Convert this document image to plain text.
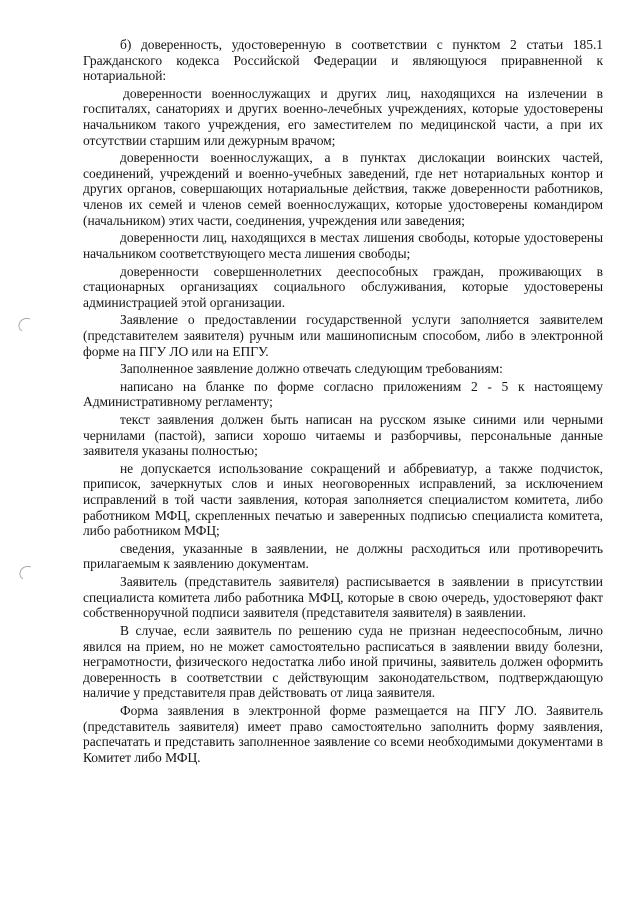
б) доверенность, удостоверенную в соответствии с пунктом 2 статьи 185.1 Гражданского кодекса Российской Федерации и являющуюся приравненной к нотариальной:

доверенности военнослужащих и других лиц, находящихся на излечении в госпиталях, санаториях и других военно-лечебных учреждениях, которые удостоверены начальником такого учреждения, его заместителем по медицинской части, а при их отсутствии старшим или дежурным врачом;

доверенности военнослужащих, а в пунктах дислокации воинских частей, соединений, учреждений и военно-учебных заведений, где нет нотариальных контор и других органов, совершающих нотариальные действия, также доверенности работников, членов их семей и членов семей военнослужащих, которые удостоверены командиром (начальником) этих части, соединения, учреждения или заведения;

доверенности лиц, находящихся в местах лишения свободы, которые удостоверены начальником соответствующего места лишения свободы;

доверенности совершеннолетних дееспособных граждан, проживающих в стационарных организациях социального обслуживания, которые удостоверены администрацией этой организации.

Заявление о предоставлении государственной услуги заполняется заявителем (представителем заявителя) ручным или машинописным способом, либо в электронной форме на ПГУ ЛО или на ЕПГУ.

Заполненное заявление должно отвечать следующим требованиям:

написано на бланке по форме согласно приложениям 2 - 5 к настоящему Административному регламенту;

текст заявления должен быть написан на русском языке синими или черными чернилами (пастой), записи хорошо читаемы и разборчивы, персональные данные заявителя указаны полностью;

не допускается использование сокращений и аббревиатур, а также подчисток, приписок, зачеркнутых слов и иных неоговоренных исправлений, за исключением исправлений в той части заявления, которая заполняется специалистом комитета, либо работником МФЦ, скрепленных печатью и заверенных подписью специалиста комитета, либо работником МФЦ;

сведения, указанные в заявлении, не должны расходиться или противоречить прилагаемым к заявлению документам.

Заявитель (представитель заявителя) расписывается в заявлении в присутствии специалиста комитета либо работника МФЦ, которые в свою очередь, удостоверяют факт собственноручной подписи заявителя (представителя заявителя) в заявлении.

В случае, если заявитель по решению суда не признан недееспособным, лично явился на прием, но не может самостоятельно расписаться в заявлении ввиду болезни, неграмотности, физического недостатка либо иной причины, заявитель должен оформить доверенность в соответствии с действующим законодательством, подтверждающую наличие у представителя прав действовать от лица заявителя.

Форма заявления в электронной форме размещается на ПГУ ЛО. Заявитель (представитель заявителя) имеет право самостоятельно заполнить форму заявления, распечатать и представить заполненное заявление со всеми необходимыми документами в Комитет либо МФЦ.
